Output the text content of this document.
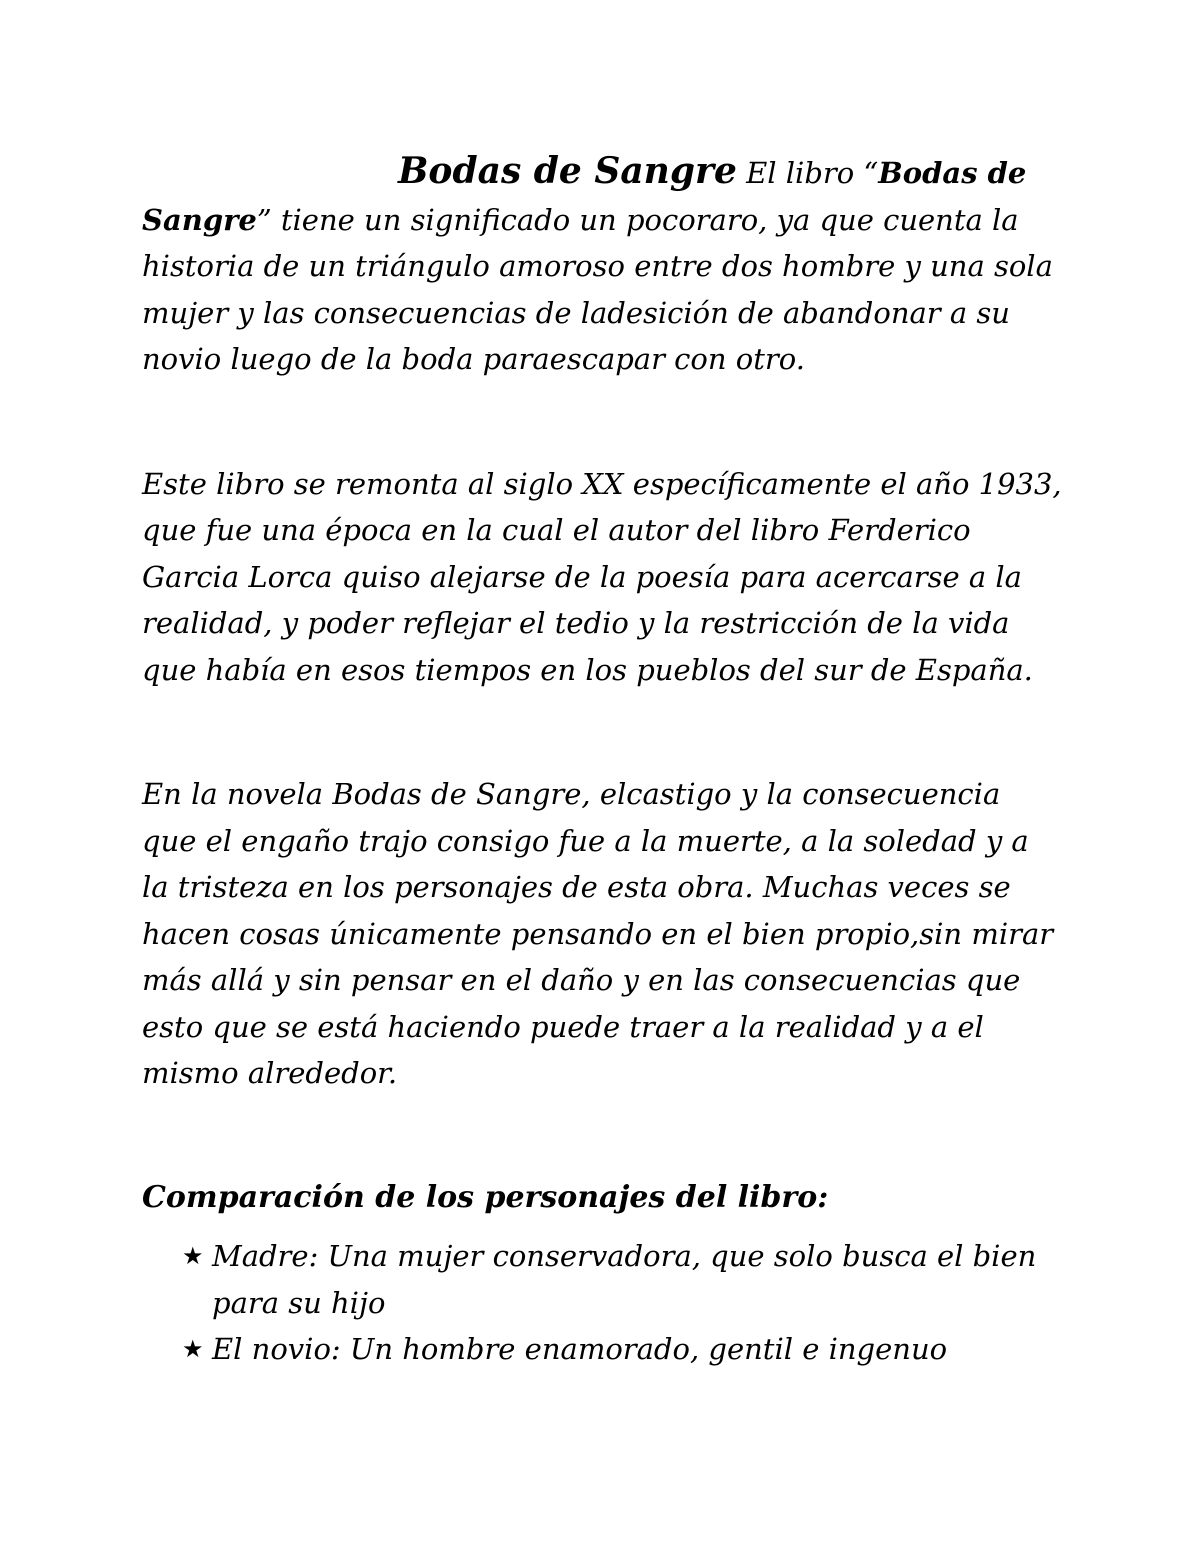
Bodas de Sangre El libro “Bodas de Sangre” tiene un significado un pocoraro, ya que cuenta la historia de un triángulo amoroso entre dos hombre y una sola mujer y las consecuencias de ladesición de abandonar a su novio luego de la boda paraescapar con otro.

Este libro se remonta al siglo XX específicamente el año 1933, que fue una época en la cual el autor del libro Ferderico Garcia Lorca quiso alejarse de la poesía para acercarse a la realidad, y poder reflejar el tedio y la restricción de la vida que había en esos tiempos en los pueblos del sur de España.

En la novela Bodas de Sangre, elcastigo y la consecuencia que el engaño trajo consigo fue a la muerte, a la soledad y a la tristeza en los personajes de esta obra. Muchas veces se hacen cosas únicamente pensando en el bien propio,sin mirar más allá y sin pensar en el daño y en las consecuencias que esto que se está haciendo puede traer a la realidad y a el mismo alrededor.

Comparación de los personajes del libro:

★ Madre: Una mujer conservadora, que solo busca el bien para su hijo
★ El novio: Un hombre enamorado, gentil e ingenuo
